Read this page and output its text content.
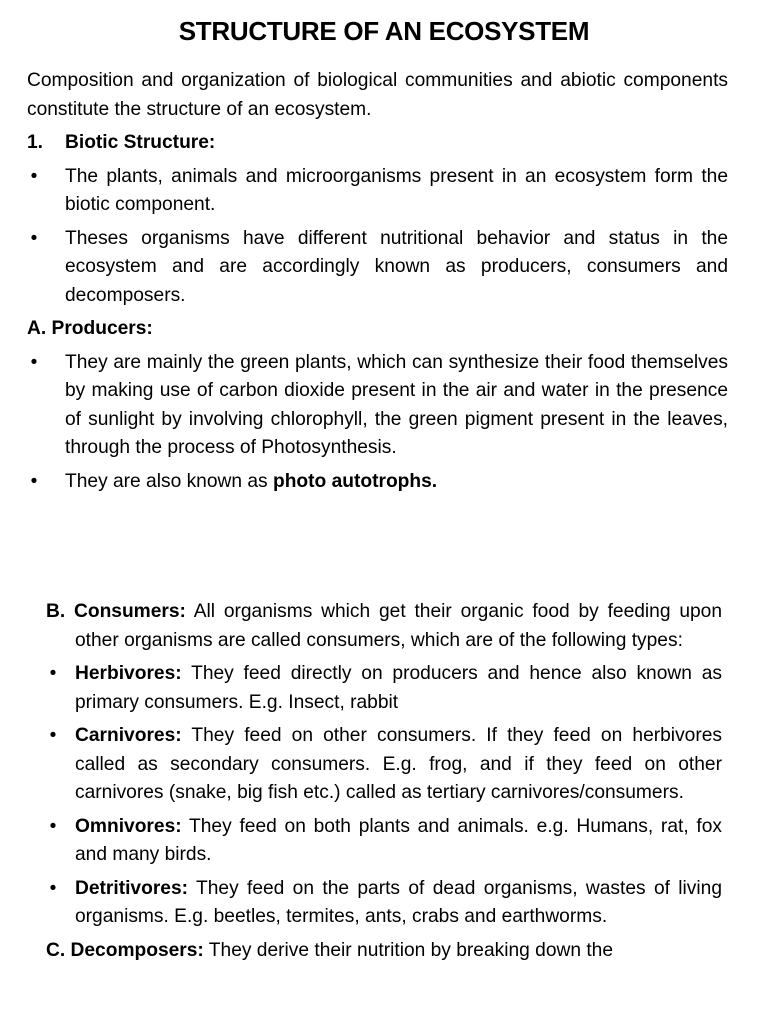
STRUCTURE OF AN ECOSYSTEM

Composition and organization of biological communities and abiotic components constitute the structure of an ecosystem.

1. Biotic Structure:
• The plants, animals and microorganisms present in an ecosystem form the biotic component.
• Theses organisms have different nutritional behavior and status in the ecosystem and are accordingly known as producers, consumers and decomposers.
A. Producers:
• They are mainly the green plants, which can synthesize their food themselves by making use of carbon dioxide present in the air and water in the presence of sunlight by involving chlorophyll, the green pigment present in the leaves, through the process of Photosynthesis.
• They are also known as photo autotrophs.
B. Consumers: All organisms which get their organic food by feeding upon other organisms are called consumers, which are of the following types:
• Herbivores: They feed directly on producers and hence also known as primary consumers. E.g. Insect, rabbit
• Carnivores: They feed on other consumers. If they feed on herbivores called as secondary consumers. E.g. frog, and if they feed on other carnivores (snake, big fish etc.) called as tertiary carnivores/consumers.
• Omnivores: They feed on both plants and animals. e.g. Humans, rat, fox and many birds.
• Detritivores: They feed on the parts of dead organisms, wastes of living organisms. E.g. beetles, termites, ants, crabs and earthworms.
C. Decomposers: They derive their nutrition by breaking down the
